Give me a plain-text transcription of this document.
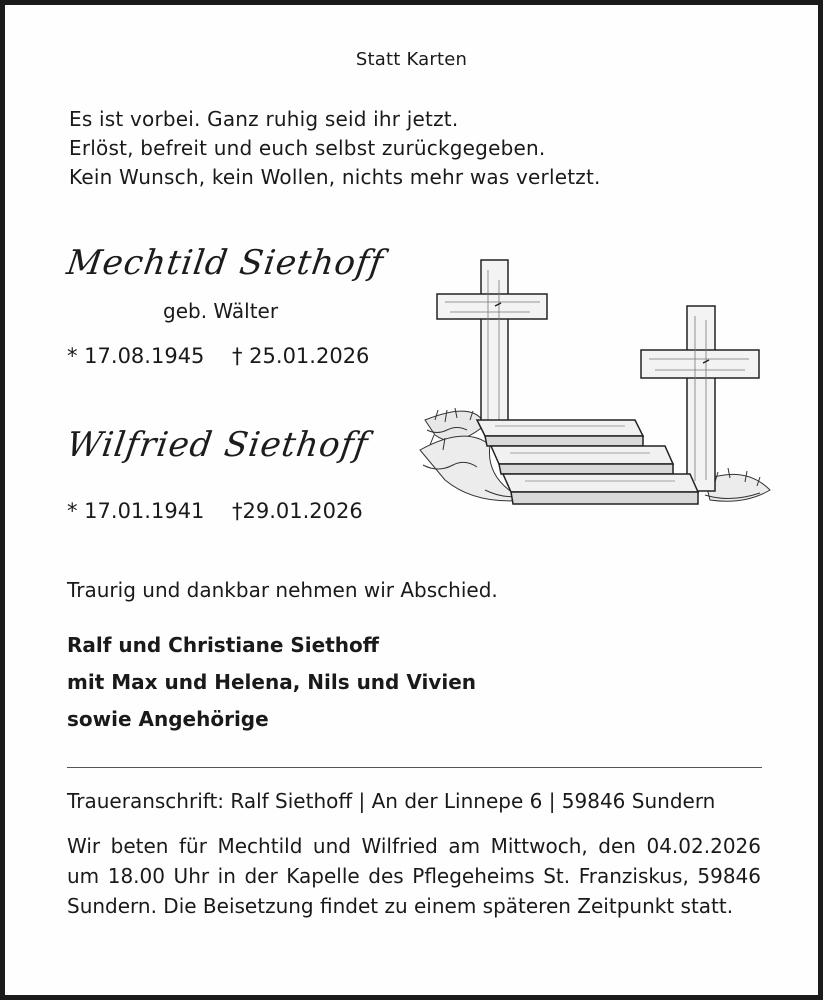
Statt Karten
Es ist vorbei. Ganz ruhig seid ihr jetzt.
Erlöst, befreit und euch selbst zurückgegeben.
Kein Wunsch, kein Wollen, nichts mehr was verletzt.
Mechtild Siethoff
geb. Wälter
* 17.08.1945 † 25.01.2026
Wilfried Siethoff
* 17.01.1941 †29.01.2026
Traurig und dankbar nehmen wir Abschied.
Ralf und Christiane Siethoff
mit Max und Helena, Nils und Vivien
sowie Angehörige
Traueranschrift: Ralf Siethoff | An der Linnepe 6 | 59846 Sundern
Wir beten für Mechtild und Wilfried am Mittwoch, den 04.02.2026 um 18.00 Uhr in der Kapelle des Pflegeheims St. Franziskus, 59846 Sundern. Die Beisetzung findet zu einem späteren Zeitpunkt statt.
